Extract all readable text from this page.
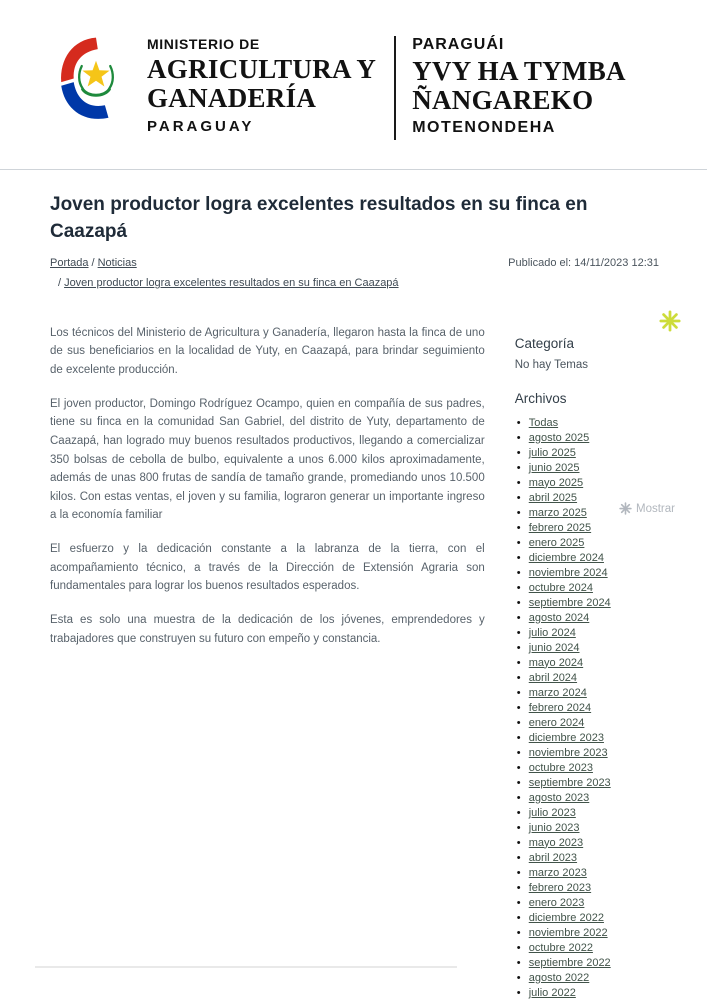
MINISTERIO DE
AGRICULTURA Y
GANADERÍA
PARAGUAY
PARAGUÁI
YVY HA TYMBA
ÑANGAREKO
MOTENONDEHA
Joven productor logra excelentes resultados en su finca en Caazapá
Portada / Noticias
/ Joven productor logra excelentes resultados en su finca en Caazapá
Publicado el: 14/11/2023 12:31

Los técnicos del Ministerio de Agricultura y Ganadería, llegaron hasta la finca de uno de sus beneficiarios en la localidad de Yuty, en Caazapá, para brindar seguimiento de excelente producción.

El joven productor, Domingo Rodríguez Ocampo, quien en compañía de sus padres, tiene su finca en la comunidad San Gabriel, del distrito de Yuty, departamento de Caazapá, han logrado muy buenos resultados productivos, llegando a comercializar 350 bolsas de cebolla de bulbo, equivalente a unos 6.000 kilos aproximadamente, además de unas 800 frutas de sandía de tamaño grande, promediando unos 10.500 kilos. Con estas ventas, el joven y su familia, lograron generar un importante ingreso a la economía familiar

El esfuerzo y la dedicación constante a la labranza de la tierra, con el acompañamiento técnico, a través de la Dirección de Extensión Agraria son fundamentales para lograr los buenos resultados esperados.

Esta es solo una muestra de la dedicación de los jóvenes, emprendedores y trabajadores que construyen su futuro con empeño y constancia.

Categoría
No hay Temas
Archivos
• Todas
• agosto 2025
• julio 2025
• junio 2025
• mayo 2025
• abril 2025
• marzo 2025
• febrero 2025
• enero 2025
• diciembre 2024
• noviembre 2024
• octubre 2024
• septiembre 2024
• agosto 2024
• julio 2024
• junio 2024
• mayo 2024
• abril 2024
• marzo 2024
• febrero 2024
• enero 2024
• diciembre 2023
• noviembre 2023
• octubre 2023
• septiembre 2023
• agosto 2023
• julio 2023
• junio 2023
• mayo 2023
• abril 2023
• marzo 2023
• febrero 2023
• enero 2023
• diciembre 2022
• noviembre 2022
• octubre 2022
• septiembre 2022
• agosto 2022
• julio 2022
Mostrar
